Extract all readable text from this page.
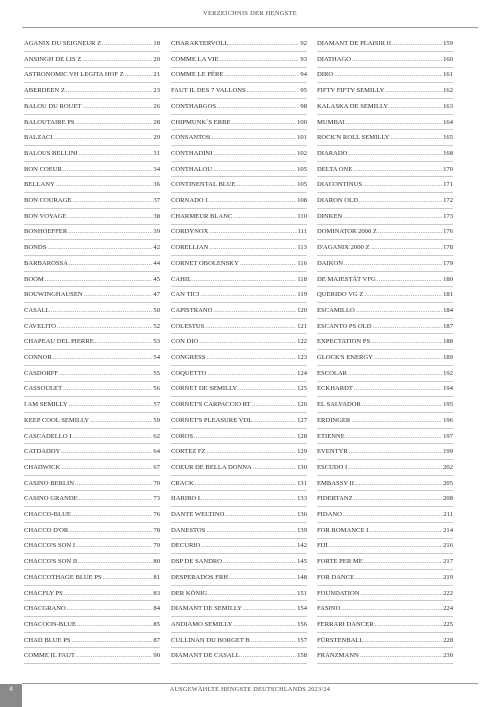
VERZEICHNIS DER HENGSTE
AGANIX DU SEIGNEUR Z .....	18
ANSINGH DE LIS Z .....	20
ASTRONOMIC VH LEGITA HOF Z .....	21
ABERDEEN Z .....	23
BALOU DU ROUET .....	26
BALOUTAIRE PS .....	28
BALZACI .....	29
BALOUS BELLINI .....	31
BON COEUR .....	34
BELLANY .....	36
BON COURAGE .....	37
BON VOYAGE .....	38
BONHOEFFER .....	39
BONDS .....	42
BARBAROSSA .....	44
BOOM .....	45
BOUWINGHAUSEN .....	47
CASALL .....	50
CAVELITO .....	52
CHAPEAU DEL PIERRE .....	53
CONNOR .....	54
CASDORFF .....	55
CASSOULET .....	56
I AM SEMILLY .....	57
KEEP COOL SEMILLY .....	59
CASCADELLO I .....	62
CATDADDY .....	64
CHADWICK .....	67
CASINO BERLIN .....	70
CASINO GRANDE .....	73
CHACCO-BLUE .....	76
CHACCO D'OR .....	78
CHACCO'S SON I .....	79
CHACCO'S SON II .....	80
CHACCOTHAGE BLUE PS .....	81
CHACFLY PS .....	83
CHACGRANO .....	84
CHACOON-BLUE .....	85
CHAD BLUE PS .....	87
COMME IL FAUT .....	90
CHARAKTERVOLL .....	92
COMME LA VIE .....	93
COMME LE PÈRE .....	94
FAUT IL DES 7 VALLONS .....	95
CONTHARGOS .....	98
CHIPMUNK´S ERBE .....	100
CONSANTOS .....	101
CONTHADINI .....	102
CONTHALOU .....	105
CONTINENTAL BLUE .....	105
CORNADO I .....	108
CHARMEUR BLANC .....	110
CORDYNOX .....	111
CORELLIAN .....	113
CORNET OBOLENSKY .....	116
CAHIL .....	118
CAN TICI .....	119
CAPISTRANO .....	120
COLESTUS .....	121
CON DIO .....	122
CONGRESS .....	123
COQUETTO .....	124
CORNET DE SEMILLY .....	125
CORNET'S CARPACCIO RT .....	126
CORNET'S PLEASURE VDL .....	127
COROS .....	128
CORTEZ FZ .....	129
COEUR DE BELLA DONNA .....	130
CRACK .....	131
HARIBO L .....	133
DANTE WELTINO .....	136
DANESTOS .....	139
DECURIO .....	142
DSP DE SANDRO .....	145
DESPERADOS FRH .....	148
DER KÖNIG .....	151
DIAMANT DE SEMILLY .....	154
ANDIAMO SEMILLY .....	156
CULLINAN DU BORGET B .....	157
DIAMANT DE CASALL .....	158
DIAMANT DE PLAISIR II .....	159
DIATHAGO .....	160
DIRO .....	161
FIFTY FIFTY SEMILLY .....	162
KALASKA DE SEMILLY .....	163
MUMBAI .....	164
ROCK'N ROLL SEMILLY .....	165
DIARADO .....	168
DELTA ONE .....	170
DIACONTINUS .....	171
DIARON OLD .....	172
DINKEN .....	173
DOMINATOR 2000 Z .....	176
D'AGANIX 2000 Z .....	178
DAIKON .....	179
DE MAJESTÄT VFG .....	180
QUERIDO VG Z .....	181
ESCAMILLO .....	184
ESCANTO PS OLD .....	187
EXPECTATION PS .....	188
GLOCK'S ENERGY .....	189
ESCOLAR .....	192
ECKHARDT .....	194
EL SALVADOR .....	195
ERDINGER .....	196
ETIENNE .....	197
EVENTYR .....	199
ESCUDO I .....	202
EMBASSY II .....	205
FIDERTANZ .....	208
FIDANO .....	211
FOR ROMANCE I .....	214
FIJI .....	216
FORTE PER ME .....	217
FOR DANCE .....	219
FOUNDATION .....	222
FASINO .....	224
FERRARI DANCER .....	225
FÜRSTENBALL .....	228
FRANZMANN .....	230
4	AUSGEWÄHLTE HENGSTE DEUTSCHLANDS 2023/24
